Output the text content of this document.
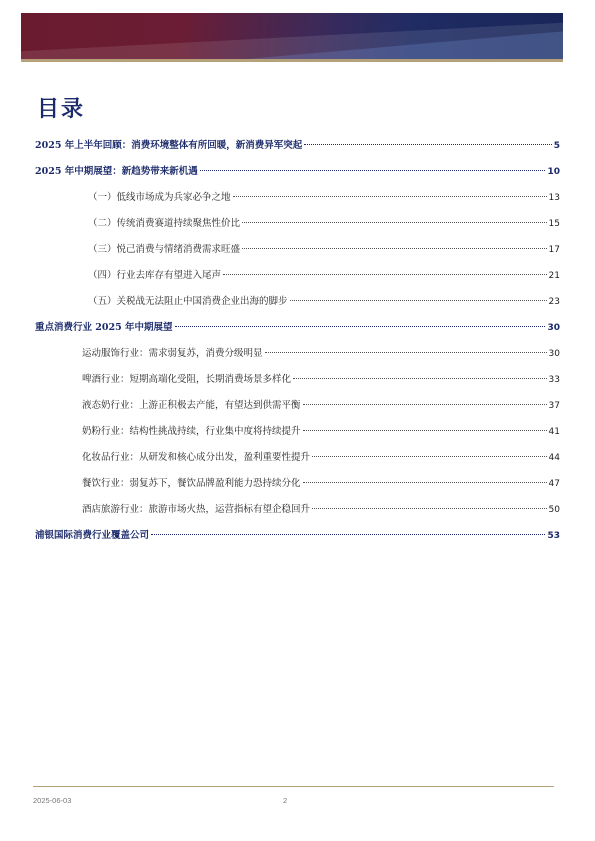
目录
2025 年上半年回顾：消费环境整体有所回暖，新消费异军突起	5
2025 年中期展望：新趋势带来新机遇	10
（一）低线市场成为兵家必争之地	13
（二）传统消费赛道持续聚焦性价比	15
（三）悦己消费与情绪消费需求旺盛	17
（四）行业去库存有望进入尾声	21
（五）关税战无法阻止中国消费企业出海的脚步	23
重点消费行业 2025 年中期展望	30
运动服饰行业：需求弱复苏，消费分级明显	30
啤酒行业：短期高端化受阻，长期消费场景多样化	33
液态奶行业：上游正积极去产能，有望达到供需平衡	37
奶粉行业：结构性挑战持续，行业集中度将持续提升	41
化妆品行业：从研发和核心成分出发，盈利重要性提升	44
餐饮行业：弱复苏下，餐饮品牌盈利能力恐持续分化	47
酒店旅游行业：旅游市场火热，运营指标有望企稳回升	50
浦银国际消费行业覆盖公司	53
2025-06-03	2
